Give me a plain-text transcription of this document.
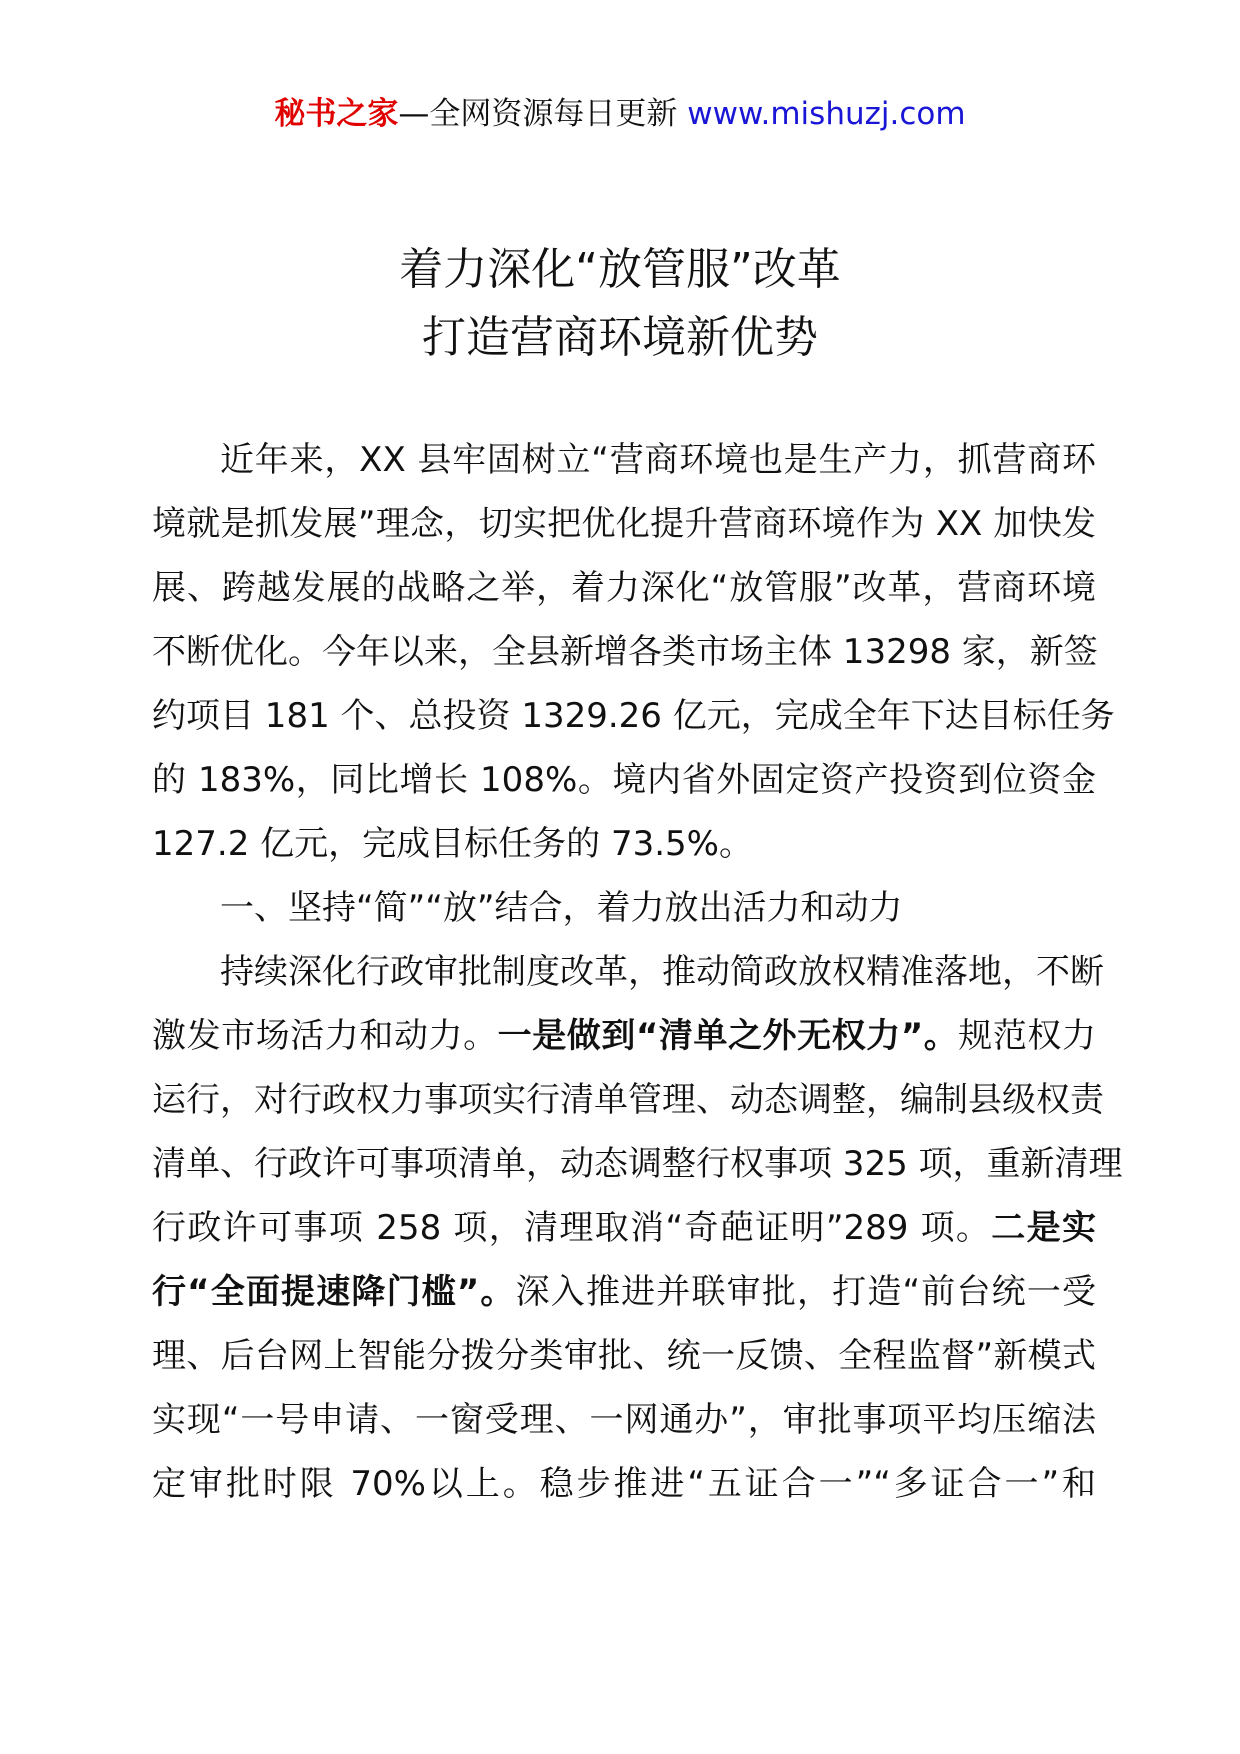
秘书之家—全网资源每日更新 www.mishuzj.com
着力深化“放管服”改革
打造营商环境新优势
近年来，XX 县牢固树立“营商环境也是生产力，抓营商环
境就是抓发展”理念，切实把优化提升营商环境作为 XX 加快发
展、跨越发展的战略之举，着力深化“放管服”改革，营商环境
不断优化。今年以来，全县新增各类市场主体 13298 家，新签
约项目 181 个、总投资 1329.26 亿元，完成全年下达目标任务
的 183%，同比增长 108%。境内省外固定资产投资到位资金
127.2 亿元，完成目标任务的 73.5%。
一、坚持“简”“放”结合，着力放出活力和动力
持续深化行政审批制度改革，推动简政放权精准落地，不断
激发市场活力和动力。一是做到“清单之外无权力”。规范权力
运行，对行政权力事项实行清单管理、动态调整，编制县级权责
清单、行政许可事项清单，动态调整行权事项 325 项，重新清理
行政许可事项 258 项，清理取消“奇葩证明”289 项。二是实
行“全面提速降门槛”。深入推进并联审批，打造“前台统一受
理、后台网上智能分拨分类审批、统一反馈、全程监督”新模式
实现“一号申请、一窗受理、一网通办”，审批事项平均压缩法
定审批时限 70%以上。稳步推进“五证合一”“多证合一”和
